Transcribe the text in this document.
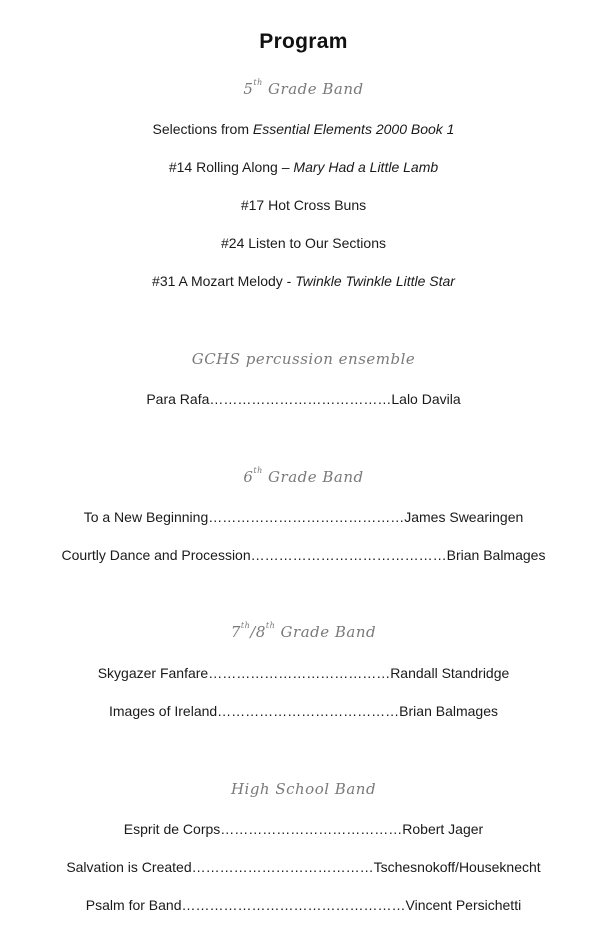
Program
5th Grade Band
Selections from Essential Elements 2000 Book 1
#14 Rolling Along – Mary Had a Little Lamb
#17 Hot Cross Buns
#24 Listen to Our Sections
#31 A Mozart Melody - Twinkle Twinkle Little Star
GCHS percussion ensemble
Para Rafa…………………………………Lalo Davila
6th Grade Band
To a New Beginning……………………………………James Swearingen
Courtly Dance and Procession……………………………………Brian Balmages
7th/8th Grade Band
Skygazer Fanfare…………………………………Randall Standridge
Images of Ireland…………………………………Brian Balmages
High School Band
Esprit de Corps…………………………………Robert Jager
Salvation is Created…………………………………Tschesnokoff/Houseknecht
Psalm for Band…………………………………………Vincent Persichetti
